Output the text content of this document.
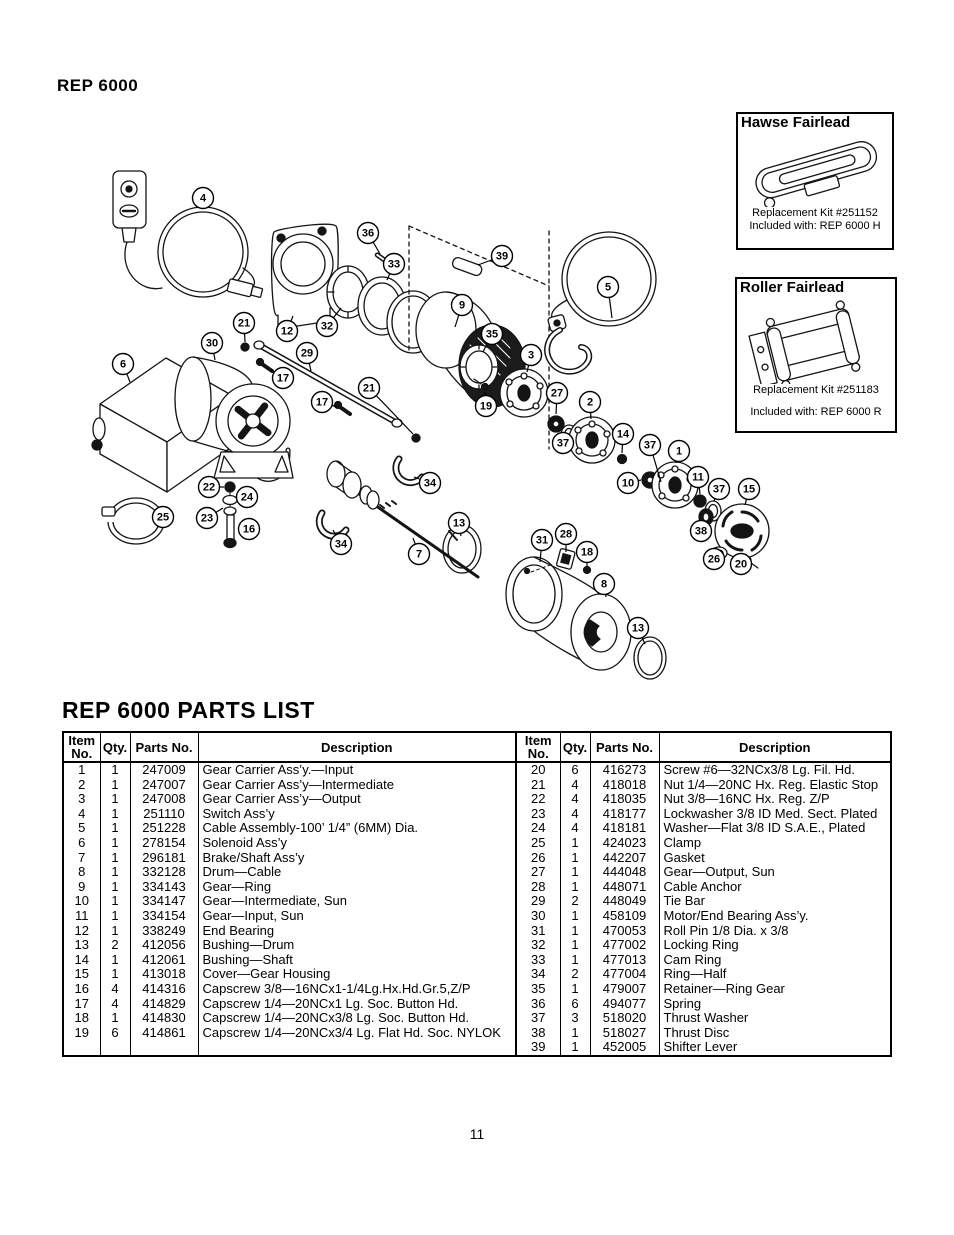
REP 6000
4
36
33
39
9
5
21
12	32
35
30
3
29
6
17
21
17	19
27
2
37
14
37 1
10	11
37 15
22
24
34
23
16
25	13
34
7
31 28
18
38
26 20
8
13
Hawse Fairlead
Replacement Kit #251152
Included with: REP 6000 H
Roller Fairlead
Replacement Kit #251183
Included with: REP 6000 R
REP 6000 PARTS LIST
Item No.	Qty.	Parts No.	Description
1	1	247009	Gear Carrier Ass’y.—Input
2	1	247007	Gear Carrier Ass’y—Intermediate
3	1	247008	Gear Carrier Ass’y—Output
4	1	251110	Switch Ass’y
5	1	251228	Cable Assembly-100’ 1/4” (6MM) Dia.
6	1	278154	Solenoid Ass’y
7	1	296181	Brake/Shaft Ass’y
8	1	332128	Drum—Cable
9	1	334143	Gear—Ring
10	1	334147	Gear—Intermediate, Sun
11	1	334154	Gear—Input, Sun
12	1	338249	End Bearing
13	2	412056	Bushing—Drum
14	1	412061	Bushing—Shaft
15	1	413018	Cover—Gear Housing
16	4	414316	Capscrew 3/8—16NCx1-1/4Lg.Hx.Hd.Gr.5,Z/P
17	4	414829	Capscrew 1/4—20NCx1 Lg. Soc. Button Hd.
18	1	414830	Capscrew 1/4—20NCx3/8 Lg. Soc. Button Hd.
19	6	414861	Capscrew 1/4—20NCx3/4 Lg. Flat Hd. Soc. NYLOK

Item No.	Qty.	Parts No.	Description
20	6	416273	Screw #6—32NCx3/8 Lg. Fil. Hd.
21	4	418018	Nut 1/4—20NC Hx. Reg. Elastic Stop
22	4	418035	Nut 3/8—16NC Hx. Reg. Z/P
23	4	418177	Lockwasher 3/8 ID Med. Sect. Plated
24	4	418181	Washer—Flat 3/8 ID S.A.E., Plated
25	1	424023	Clamp
26	1	442207	Gasket
27	1	444048	Gear—Output, Sun
28	1	448071	Cable Anchor
29	2	448049	Tie Bar
30	1	458109	Motor/End Bearing Ass’y.
31	1	470053	Roll Pin 1/8 Dia. x 3/8
32	1	477002	Locking Ring
33	1	477013	Cam Ring
34	2	477004	Ring—Half
35	1	479007	Retainer—Ring Gear
36	6	494077	Spring
37	3	518020	Thrust Washer
38	1	518027	Thrust Disc
39	1	452005	Shifter Lever
11
